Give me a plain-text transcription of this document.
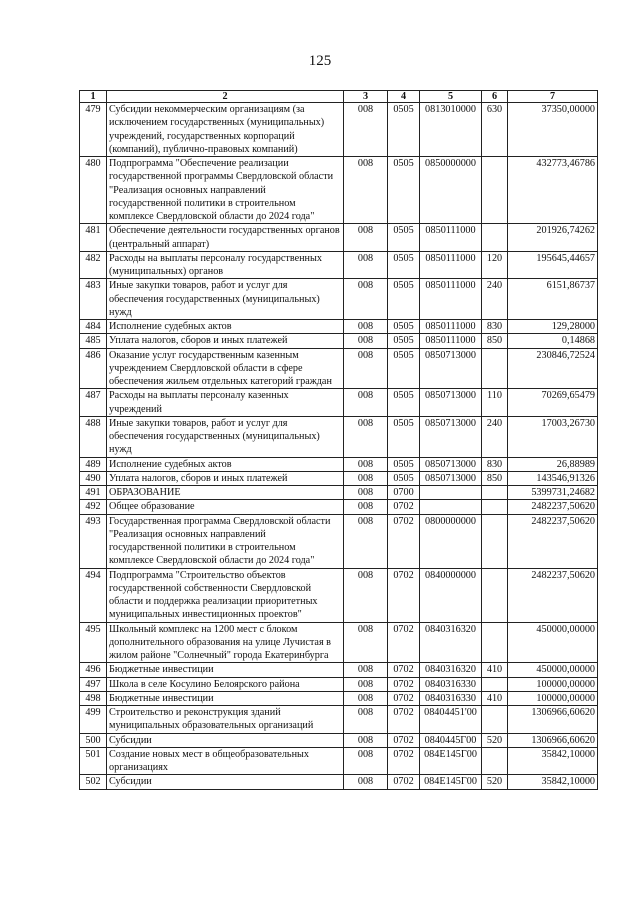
125
1	2	3	4	5	6	7
479	Субсидии некоммерческим организациям (за исключением государственных (муниципальных) учреждений, государственных корпораций (компаний), публично-правовых компаний)	008	0505	0813010000	630	37350,00000
480	Подпрограмма "Обеспечение реализации государственной программы Свердловской области "Реализация основных направлений государственной политики в строительном комплексе Свердловской области до 2024 года"	008	0505	0850000000		432773,46786
481	Обеспечение деятельности государственных органов (центральный аппарат)	008	0505	0850111000		201926,74262
482	Расходы на выплаты персоналу государственных (муниципальных) органов	008	0505	0850111000	120	195645,44657
483	Иные закупки товаров, работ и услуг для обеспечения государственных (муниципальных) нужд	008	0505	0850111000	240	6151,86737
484	Исполнение судебных актов	008	0505	0850111000	830	129,28000
485	Уплата налогов, сборов и иных платежей	008	0505	0850111000	850	0,14868
486	Оказание услуг государственным казенным учреждением Свердловской области в сфере обеспечения жильем отдельных категорий граждан	008	0505	0850713000		230846,72524
487	Расходы на выплаты персоналу казенных учреждений	008	0505	0850713000	110	70269,65479
488	Иные закупки товаров, работ и услуг для обеспечения государственных (муниципальных) нужд	008	0505	0850713000	240	17003,26730
489	Исполнение судебных актов	008	0505	0850713000	830	26,88989
490	Уплата налогов, сборов и иных платежей	008	0505	0850713000	850	143546,91326
491	ОБРАЗОВАНИЕ	008	0700			5399731,24682
492	Общее образование	008	0702			2482237,50620
493	Государственная программа Свердловской области "Реализация основных направлений государственной политики в строительном комплексе Свердловской области до 2024 года"	008	0702	0800000000		2482237,50620
494	Подпрограмма "Строительство объектов государственной собственности Свердловской области и поддержка реализации приоритетных муниципальных инвестиционных проектов"	008	0702	0840000000		2482237,50620
495	Школьный комплекс на 1200 мест с блоком дополнительного образования на улице Лучистая в жилом районе "Солнечный" города Екатеринбурга	008	0702	0840316320		450000,00000
496	Бюджетные инвестиции	008	0702	0840316320	410	450000,00000
497	Школа в селе Косулино Белоярского района	008	0702	0840316330		100000,00000
498	Бюджетные инвестиции	008	0702	0840316330	410	100000,00000
499	Строительство и реконструкция зданий муниципальных образовательных организаций	008	0702	08404451'00		1306966,60620
500	Субсидии	008	0702	0840445Г00	520	1306966,60620
501	Создание новых мест в общеобразовательных организациях	008	0702	084Е145Г00		35842,10000
502	Субсидии	008	0702	084Е145Г00	520	35842,10000
